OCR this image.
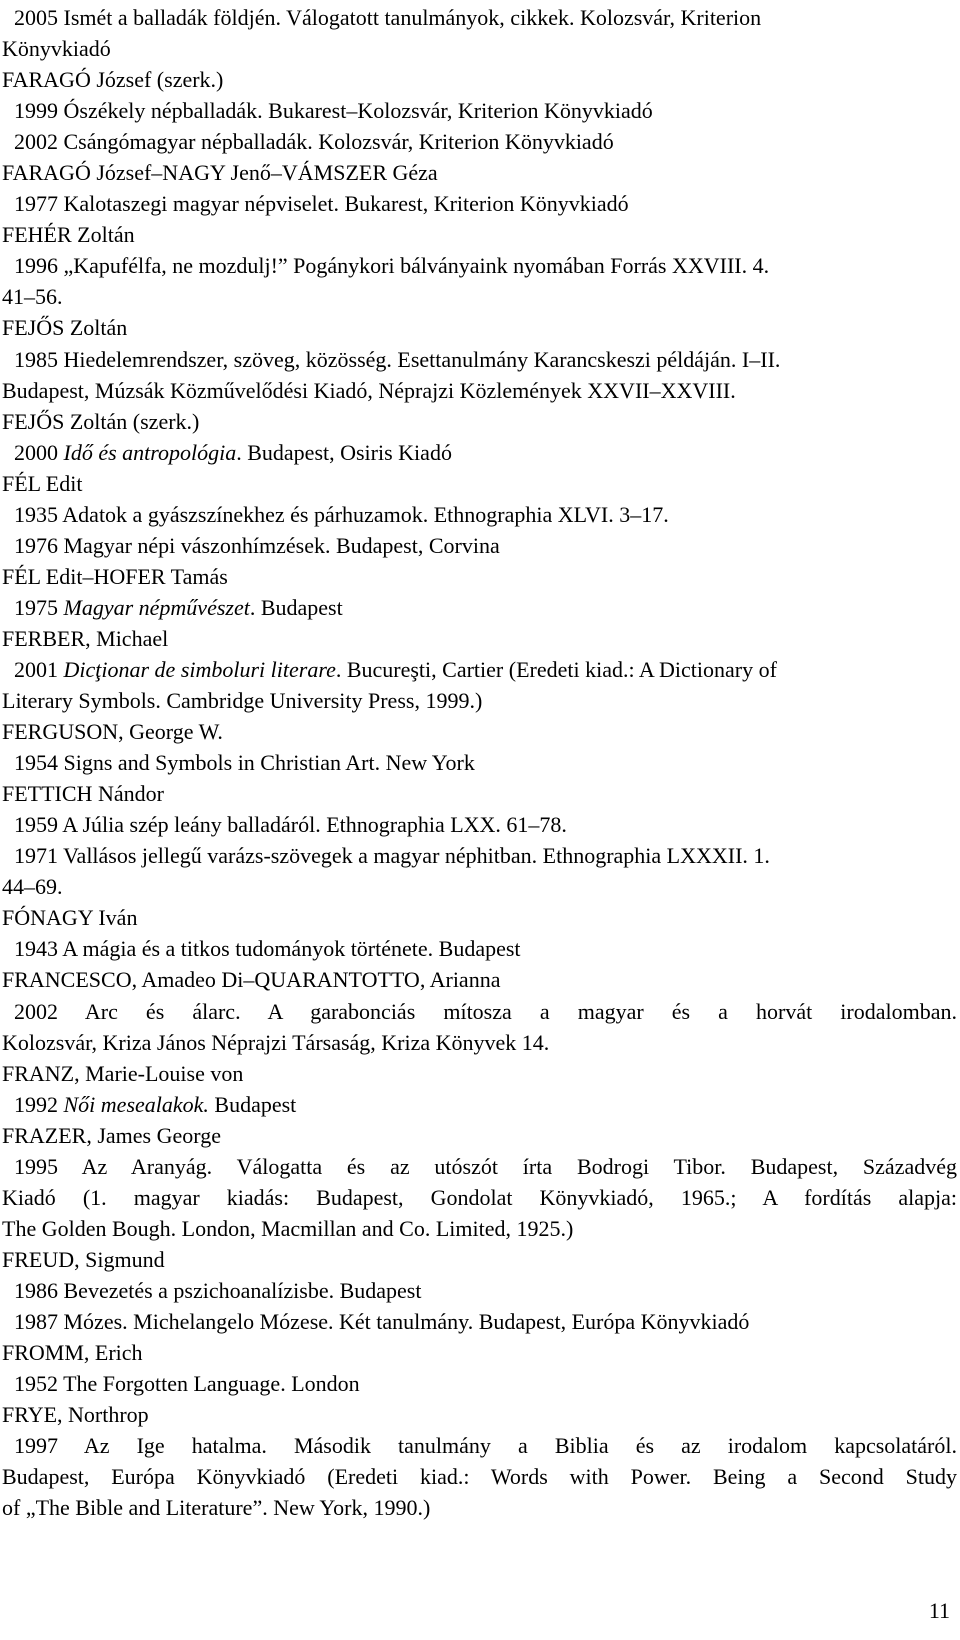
2005 Ismét a balladák földjén. Válogatott tanulmányok, cikkek. Kolozsvár, Kriterion
Könyvkiadó
FARAGÓ József (szerk.)
1999 Ószékely népballadák. Bukarest–Kolozsvár, Kriterion Könyvkiadó
2002 Csángómagyar népballadák. Kolozsvár, Kriterion Könyvkiadó
FARAGÓ József–NAGY Jenő–VÁMSZER Géza
1977 Kalotaszegi magyar népviselet. Bukarest, Kriterion Könyvkiadó
FEHÉR Zoltán
1996 „Kapufélfa, ne mozdulj!” Pogánykori bálványaink nyomában Forrás XXVIII. 4.
41–56.
FEJŐS Zoltán
1985 Hiedelemrendszer, szöveg, közösség. Esettanulmány Karancskeszi példáján. I–II.
Budapest, Múzsák Közművelődési Kiadó, Néprajzi Közlemények XXVII–XXVIII.
FEJŐS Zoltán (szerk.)
2000 Idő és antropológia. Budapest, Osiris Kiadó
FÉL Edit
1935 Adatok a gyászszínekhez és párhuzamok. Ethnographia XLVI. 3–17.
1976 Magyar népi vászonhímzések. Budapest, Corvina
FÉL Edit–HOFER Tamás
1975 Magyar népművészet. Budapest
FERBER, Michael
2001 Dicţionar de simboluri literare. Bucureşti, Cartier (Eredeti kiad.: A Dictionary of
Literary Symbols. Cambridge University Press, 1999.)
FERGUSON, George W.
1954 Signs and Symbols in Christian Art. New York
FETTICH Nándor
1959 A Júlia szép leány balladáról. Ethnographia LXX. 61–78.
1971 Vallásos jellegű varázs-szövegek a magyar néphitban. Ethnographia LXXXII. 1.
44–69.
FÓNAGY Iván
1943 A mágia és a titkos tudományok története. Budapest
FRANCESCO, Amadeo Di–QUARANTOTTO, Arianna
2002 Arc és álarc. A garabonciás mítosza a magyar és a horvát irodalomban.
Kolozsvár, Kriza János Néprajzi Társaság, Kriza Könyvek 14.
FRANZ, Marie-Louise von
1992 Női mesealakok. Budapest
FRAZER, James George
1995 Az Aranyág. Válogatta és az utószót írta Bodrogi Tibor. Budapest, Századvég
Kiadó (1. magyar kiadás: Budapest, Gondolat Könyvkiadó, 1965.; A fordítás alapja:
The Golden Bough. London, Macmillan and Co. Limited, 1925.)
FREUD, Sigmund
1986 Bevezetés a pszichoanalízisbe. Budapest
1987 Mózes. Michelangelo Mózese. Két tanulmány. Budapest, Európa Könyvkiadó
FROMM, Erich
1952 The Forgotten Language. London
FRYE, Northrop
1997 Az Ige hatalma. Második tanulmány a Biblia és az irodalom kapcsolatáról.
Budapest, Európa Könyvkiadó (Eredeti kiad.: Words with Power. Being a Second Study
of „The Bible and Literature”. New York, 1990.)
11
